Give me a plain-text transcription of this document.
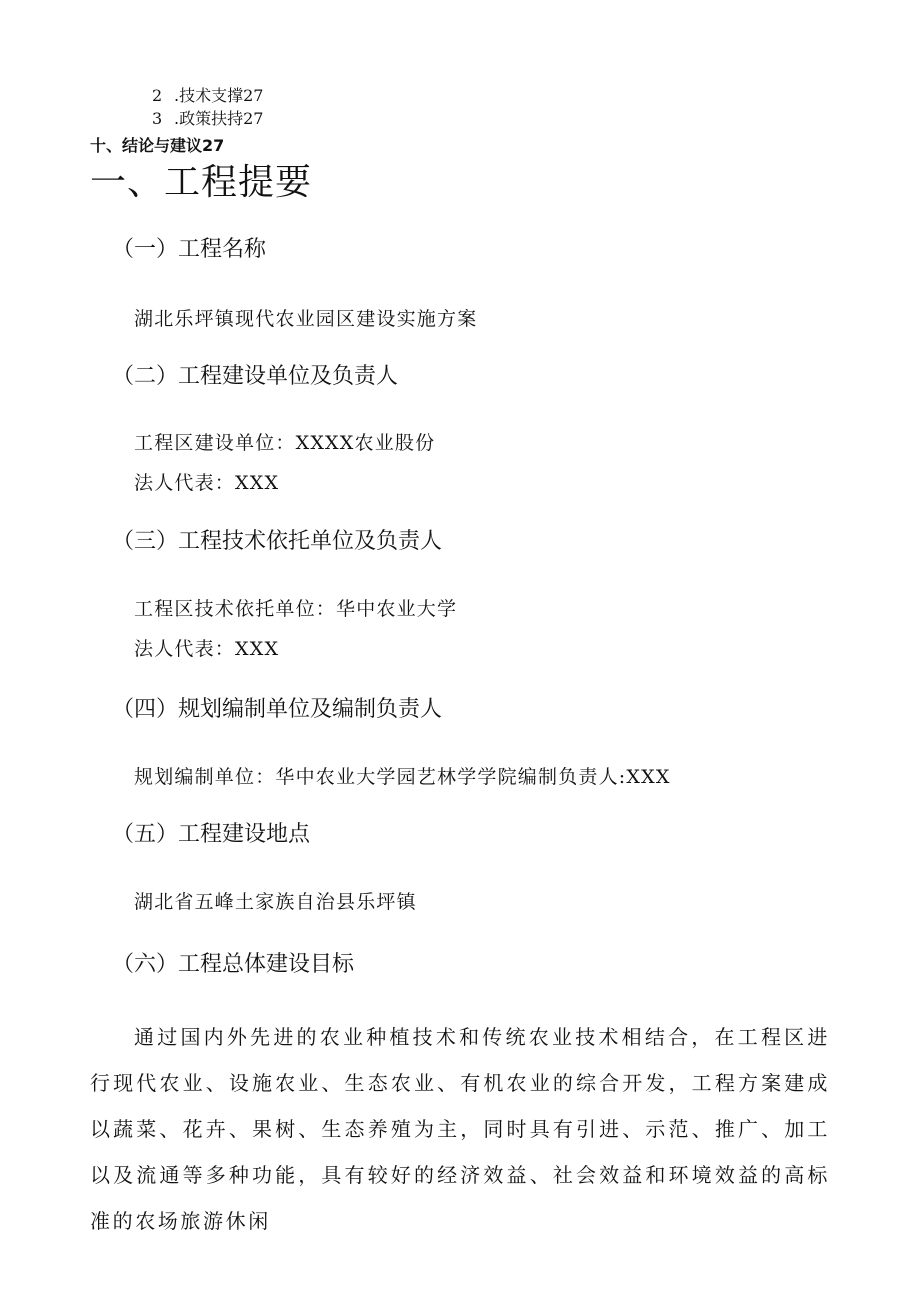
2 .技术支撑27
3 .政策扶持27
十、结论与建议27
一、工程提要
（一）工程名称
湖北乐坪镇现代农业园区建设实施方案
（二）工程建设单位及负责人
工程区建设单位：XXXX农业股份
法人代表：XXX
（三）工程技术依托单位及负责人
工程区技术依托单位：华中农业大学
法人代表：XXX
（四）规划编制单位及编制负责人
规划编制单位：华中农业大学园艺林学学院编制负责人:XXX
（五）工程建设地点
湖北省五峰土家族自治县乐坪镇
（六）工程总体建设目标
通过国内外先进的农业种植技术和传统农业技术相结合，在工程区进行现代农业、设施农业、生态农业、有机农业的综合开发，工程方案建成以蔬菜、花卉、果树、生态养殖为主，同时具有引进、示范、推广、加工以及流通等多种功能，具有较好的经济效益、社会效益和环境效益的高标准的农场旅游休闲
